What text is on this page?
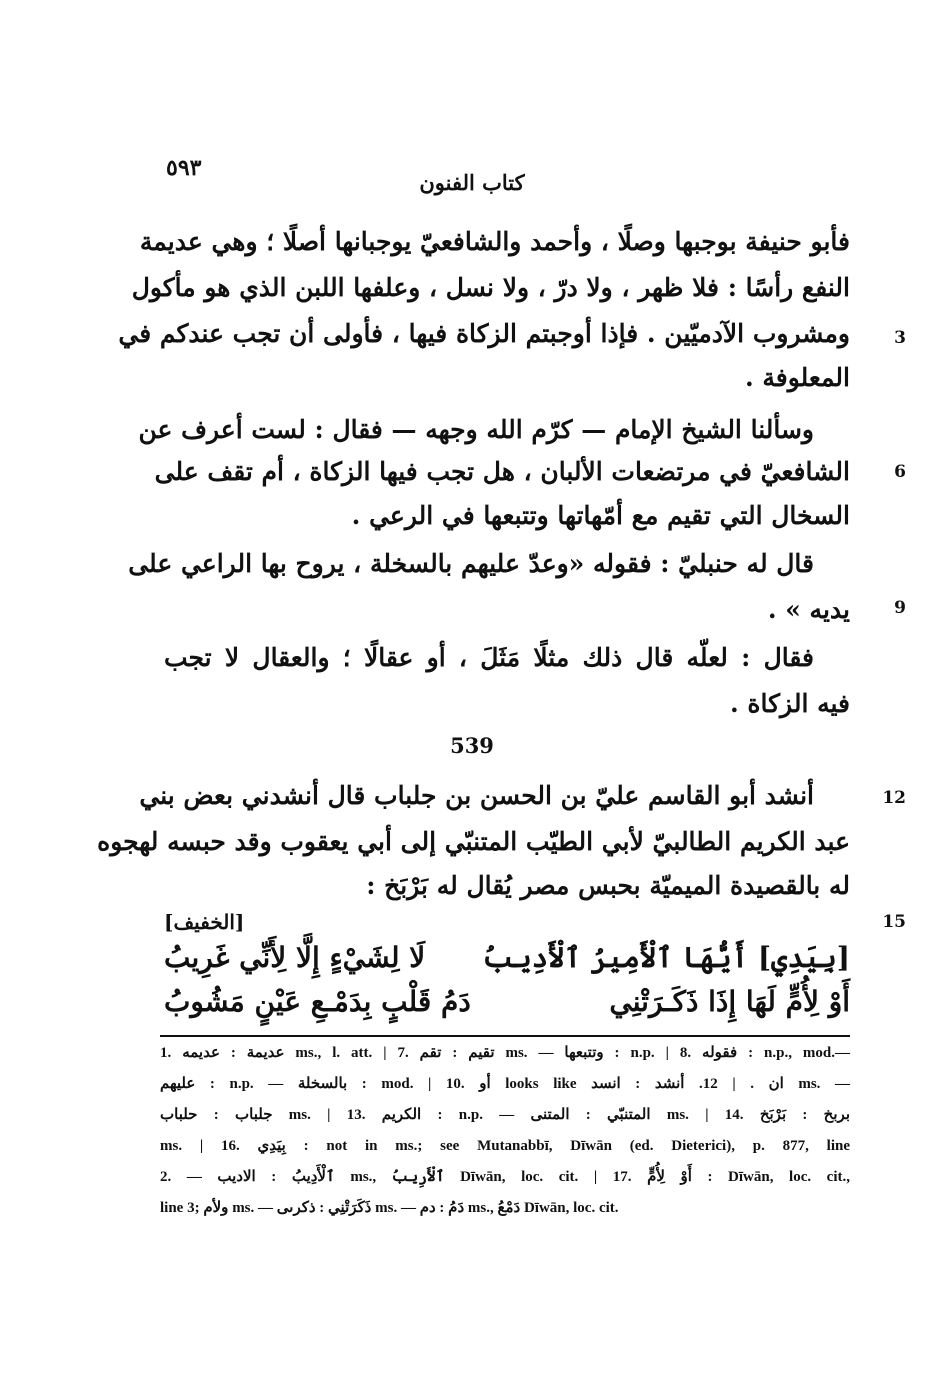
٥٩٣
كتاب الفنون
فأبو حنيفة بوجبها وصلًا ، وأحمد والشافعيّ يوجبانها أصلًا ؛ وهي عديمة
النفع رأسًا : فلا ظهر ، ولا درّ ، ولا نسل ، وعلفها اللبن الذي هو مأكول
ومشروب الآدميّين . فإذا أوجبتم الزكاة فيها ، فأولى أن تجب عندكم في
المعلوفة .
وسألنا الشيخ الإمام — كرّم الله وجهه — فقال : لست أعرف عن
الشافعيّ في مرتضعات الألبان ، هل تجب فيها الزكاة ، أم تقف على
السخال التي تقيم مع أمّهاتها وتتبعها في الرعي .
قال له حنبليّ : فقوله «وعدّ عليهم بالسخلة ، يروح بها الراعي على
يديه » .
فقال : لعلّه قال ذلك مثلًا مَثَلَ ، أو عقالًا ؛ والعقال لا تجب
فيه الزكاة .
539
أنشد أبو القاسم عليّ بن الحسن بن جلباب قال أنشدني بعض بني
عبد الكريم الطالبيّ لأبي الطيّب المتنبّي إلى أبي يعقوب وقد حبسه لهجوه
له بالقصيدة الميميّة بحبس مصر يُقال له بَرْبَخ :
[الخفيف]
[بِيَدِي] أَيُّهَا ٱلْأَمِيرُ ٱلْأَدِيبُ
لَا لِشَيْءٍ إِلَّا لِأَنِّي غَرِيبُ
أَوْ لِأُمٍّ لَهَا إِذَا ذَكَـرَتْنِي
دَمُ قَلْبٍ بِدَمْـعِ عَيْنٍ مَشُوبُ
3
6
9
12
15
1. عديمة : عديمه ms., l. att. | 7. تقيم : تقم ms. — وتتبعها : n.p. | 8. فقوله : n.p., mod.—
عليهم : n.p. — بالسخلة : mod. | 10. أو looks like ان . | 12. أنشد : انسد ms. —
جلباب : حلباب ms. | 13. الكريم : n.p. — المتنبّي : المتنى ms. | 14. بربخ : بَرْبَخ
ms. | 16. بِيَدِي : not in ms.; see Mutanabbī, Dīwān (ed. Dieterici), p. 877, line
2. — ٱلْأَدِيبُ : الاديب ms., ٱلْأَرِيبُ Dīwān, loc. cit. | 17. أَوْ لِأُمٍّ : Dīwān, loc. cit.,
line 3; ولأم ms. — ذَكَرَتْنِي : ذكرىى ms. — دَمُ : دم ms., دَمْعُ Dīwān, loc. cit.
